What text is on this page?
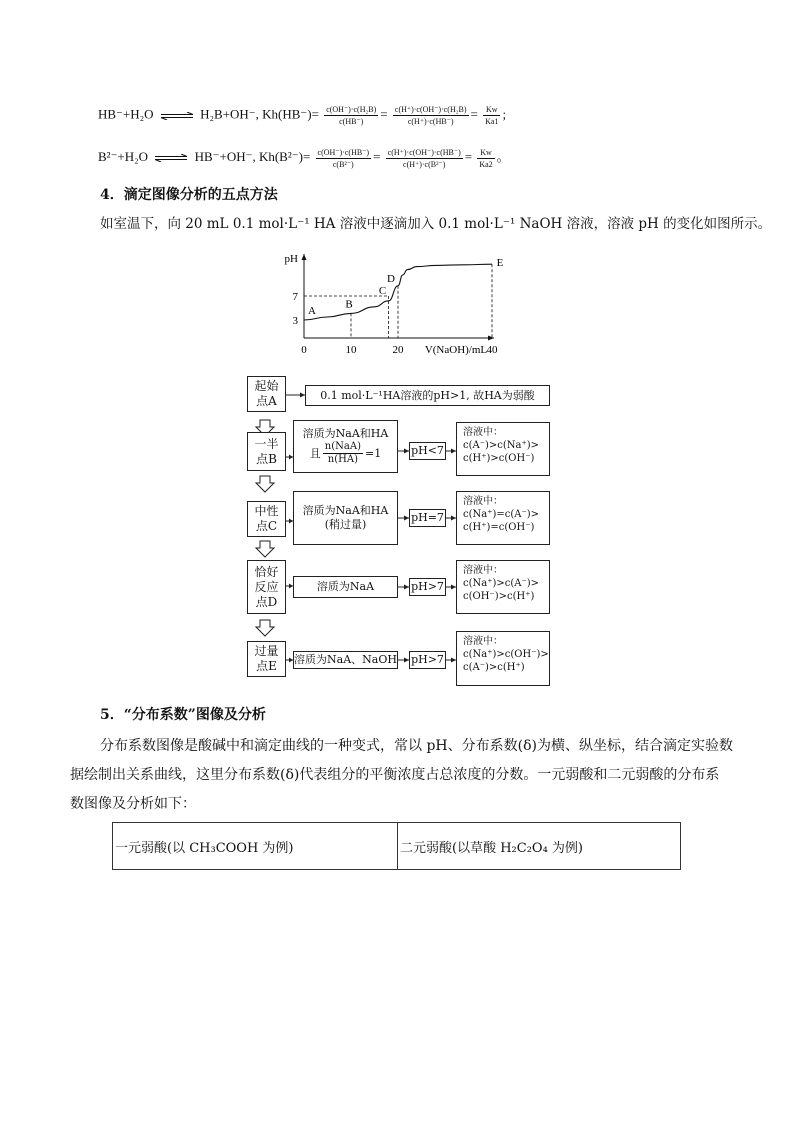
HB⁻+H₂O ⇌ H₂B+OH⁻, $Kh(HB^-)= \frac{\text{c(OH⁻)·c(H₂B)}}{c(HB^-)} = \frac{\text{c(H⁺)·c(OH⁻)·c(H₂B)}}{c(H^+)\cdot c(HB^-)} = \frac{Kw}{Ka1}$ ;
B²⁻+H₂O ⇌ HB⁻+OH⁻, $Kh(B^{2-})= \frac{c(OH^-)\cdot c(HB^-)}{\text{c(B²⁻)}} = \frac{c(H^+)\cdot c(OH^-)\cdot c(HB^-)}{\text{c(H⁺)·c(B²⁻)}} = \frac{Kw}{Ka2}$ 。
4．滴定图像分析的五点方法
如室温下，向 20 mL 0.1 mol·L⁻¹ HA 溶液中逐滴加入 0.1 mol·L⁻¹ NaOH 溶液，溶液 pH 的变化如图所示。
A
B
C
D
E
0	10	20	40
3
7
pH
V(NaOH)/mL
起始
点A	0.1 mol·L⁻¹HA溶液的pH>1, 故HA为弱酸
一半
点B
溶质为NaA和HA
且 $\frac{\text{n(NaA)}}{n(HA)} =1$	pH<7
溶液中：
c(A⁻)>c(Na⁺)>
c(H⁺)>c(OH⁻)
中性
点C
溶质为NaA和HA
(稍过量)
pH=7
溶液中：
c(Na⁺)=c(A⁻)>
c(H⁺)=c(OH⁻)
恰好
反应
点D
溶质为NaA	pH>7
溶液中：
c(Na⁺)>c(A⁻)>
c(OH⁻)>c(H⁺)
过量
点E 溶质为NaA、NaOH pH>7
溶液中：
c(Na⁺)>c(OH⁻)>
c(A⁻)>c(H⁺)
5．“分布系数”图像及分析
分布系数图像是酸碱中和滴定曲线的一种变式，常以 pH、分布系数(δ)为横、纵坐标，结合滴定实验数
据绘制出关系曲线，这里分布系数(δ)代表组分的平衡浓度占总浓度的分数。一元弱酸和二元弱酸的分布系
数图像及分析如下：
一元弱酸(以 CH₃COOH 为例)	二元弱酸(以草酸 H₂C₂O₄ 为例)
